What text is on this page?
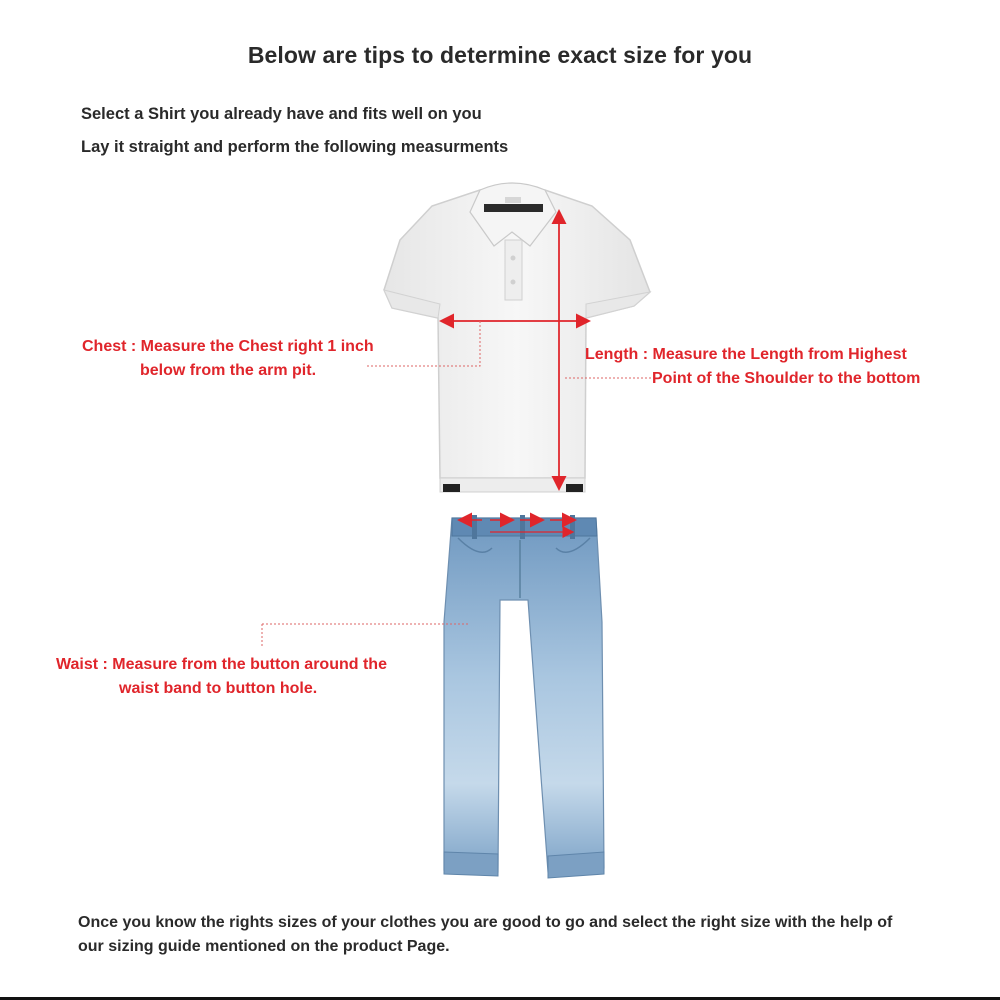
Below are tips to determine exact size for you
Select a Shirt you already have and fits well on you
Lay it straight and perform the following measurments
Chest : Measure the Chest right 1 inch
below from the arm pit.
Length : Measure the Length from Highest
Point of the Shoulder to the bottom
Waist : Measure from the button around the
waist band to button hole.
Once you know the rights sizes of your clothes you are good to go and select the right size with the help of
our sizing guide mentioned on the product Page.
